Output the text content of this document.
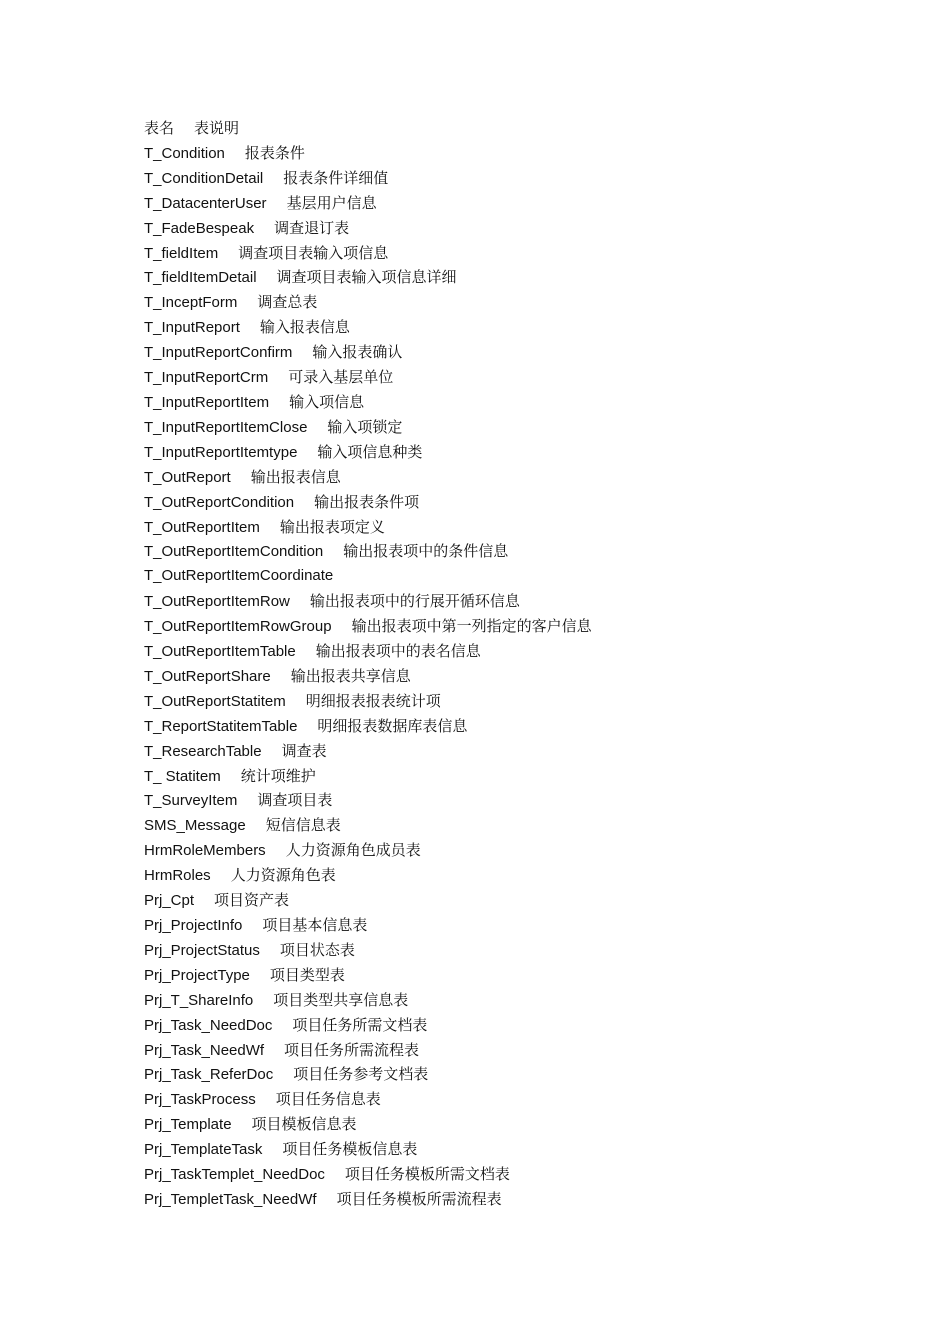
表名 表说明
T_Condition 报表条件
T_ConditionDetail 报表条件详细值
T_DatacenterUser 基层用户信息
T_FadeBespeak 调查退订表
T_fieldItem 调查项目表输入项信息
T_fieldItemDetail 调查项目表输入项信息详细
T_InceptForm 调查总表
T_InputReport 输入报表信息
T_InputReportConfirm 输入报表确认
T_InputReportCrm 可录入基层单位
T_InputReportItem 输入项信息
T_InputReportItemClose 输入项锁定
T_InputReportItemtype 输入项信息种类
T_OutReport 输出报表信息
T_OutReportCondition 输出报表条件项
T_OutReportItem 输出报表项定义
T_OutReportItemCondition 输出报表项中的条件信息
T_OutReportItemCoordinate
T_OutReportItemRow 输出报表项中的行展开循环信息
T_OutReportItemRowGroup 输出报表项中第一列指定的客户信息
T_OutReportItemTable 输出报表项中的表名信息
T_OutReportShare 输出报表共享信息
T_OutReportStatitem 明细报表报表统计项
T_ReportStatitemTable 明细报表数据库表信息
T_ResearchTable 调查表
T_ Statitem 统计项维护
T_SurveyItem 调查项目表
SMS_Message 短信信息表
HrmRoleMembers 人力资源角色成员表
HrmRoles 人力资源角色表
Prj_Cpt 项目资产表
Prj_ProjectInfo 项目基本信息表
Prj_ProjectStatus 项目状态表
Prj_ProjectType 项目类型表
Prj_T_ShareInfo 项目类型共享信息表
Prj_Task_NeedDoc 项目任务所需文档表
Prj_Task_NeedWf 项目任务所需流程表
Prj_Task_ReferDoc 项目任务参考文档表
Prj_TaskProcess 项目任务信息表
Prj_Template 项目模板信息表
Prj_TemplateTask 项目任务模板信息表
Prj_TaskTemplet_NeedDoc 项目任务模板所需文档表
Prj_TempletTask_NeedWf 项目任务模板所需流程表
